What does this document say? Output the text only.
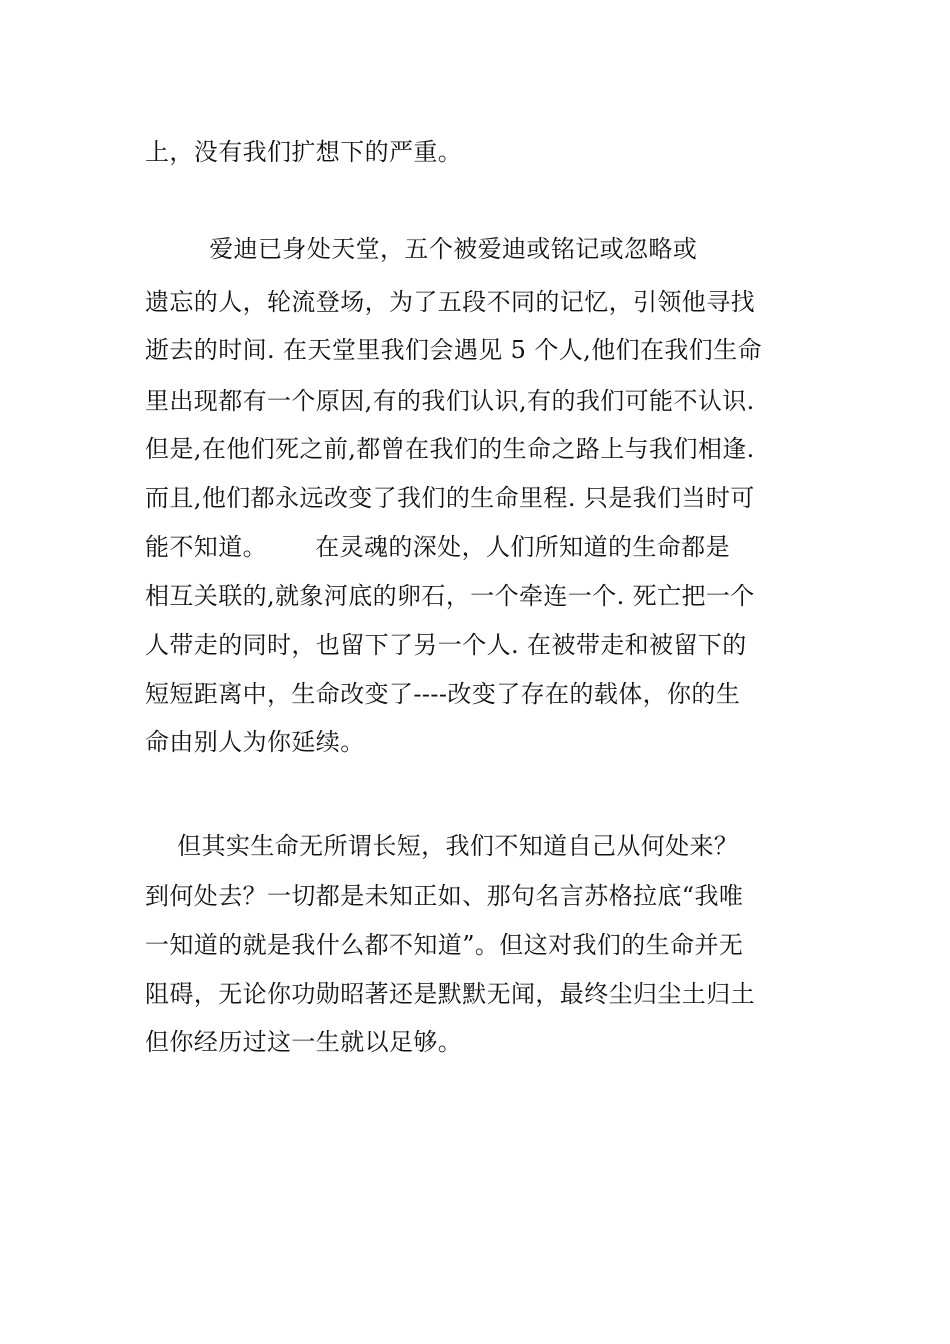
上，没有我们扩想下的严重。
爱迪已身处天堂，五个被爱迪或铭记或忽略或
遗忘的人，轮流登场，为了五段不同的记忆，引领他寻找
逝去的时间. 在天堂里我们会遇见 5 个人,他们在我们生命
里出现都有一个原因,有的我们认识,有的我们可能不认识.
但是,在他们死之前,都曾在我们的生命之路上与我们相逢.
而且,他们都永远改变了我们的生命里程. 只是我们当时可
能不知道。      在灵魂的深处，人们所知道的生命都是
相互关联的,就象河底的卵石，一个牵连一个. 死亡把一个
人带走的同时，也留下了另一个人. 在被带走和被留下的
短短距离中，生命改变了----改变了存在的载体，你的生
命由别人为你延续。
但其实生命无所谓长短，我们不知道自己从何处来？
到何处去？一切都是未知正如、那句名言苏格拉底“我唯
一知道的就是我什么都不知道”。但这对我们的生命并无
阻碍，无论你功勋昭著还是默默无闻，最终尘归尘土归土
但你经历过这一生就以足够。
